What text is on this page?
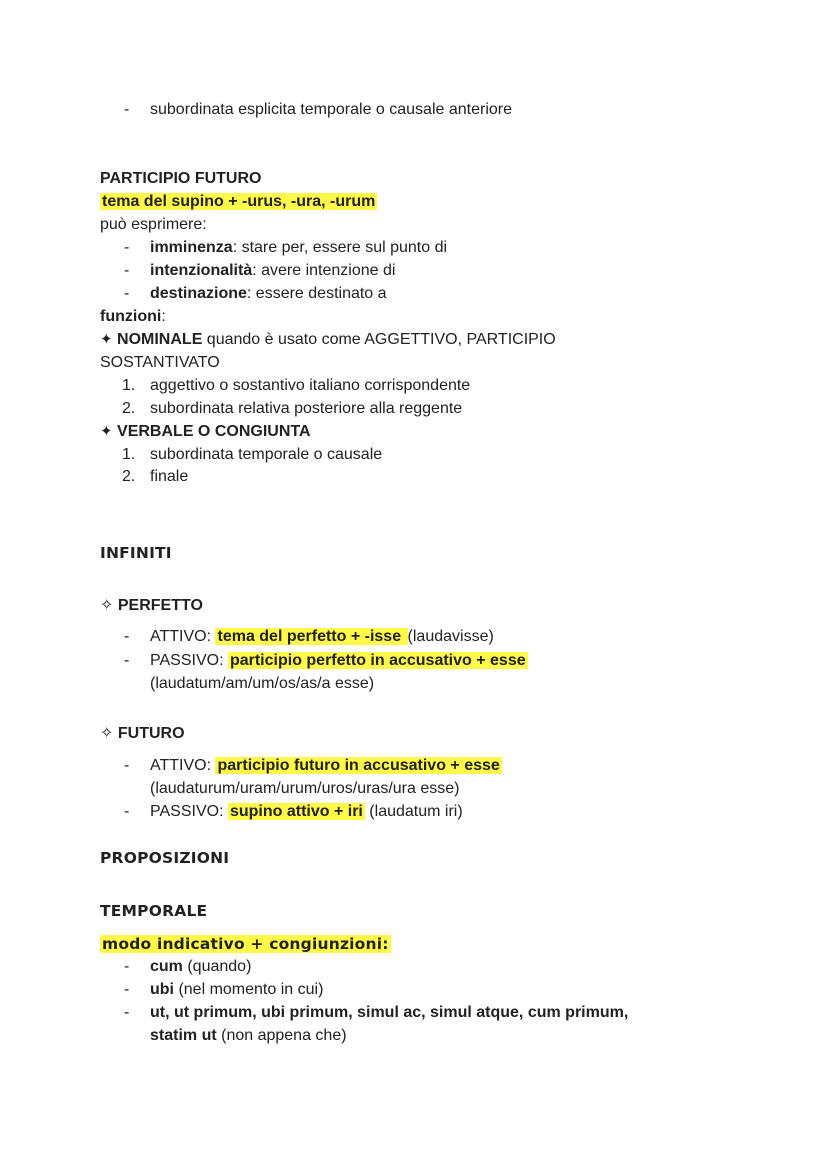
- subordinata esplicita temporale o causale anteriore
PARTICIPIO FUTURO
tema del supino + -urus, -ura, -urum
può esprimere:
- imminenza: stare per, essere sul punto di
- intenzionalità: avere intenzione di
- destinazione: essere destinato a
funzioni:
✦ NOMINALE quando è usato come AGGETTIVO, PARTICIPIO
SOSTANTIVATO
1. aggettivo o sostantivo italiano corrispondente
2. subordinata relativa posteriore alla reggente
✦ VERBALE O CONGIUNTA
1. subordinata temporale o causale
2. finale
INFINITI
✧ PERFETTO
- ATTIVO: tema del perfetto + -isse (laudavisse)
- PASSIVO: participio perfetto in accusativo + esse
(laudatum/am/um/os/as/a esse)
✧ FUTURO
- ATTIVO: participio futuro in accusativo + esse
(laudaturum/uram/urum/uros/uras/ura esse)
- PASSIVO: supino attivo + iri (laudatum iri)
PROPOSIZIONI
TEMPORALE
modo indicativo + congiunzioni:
- cum (quando)
- ubi (nel momento in cui)
- ut, ut primum, ubi primum, simul ac, simul atque, cum primum,
statim ut (non appena che)
